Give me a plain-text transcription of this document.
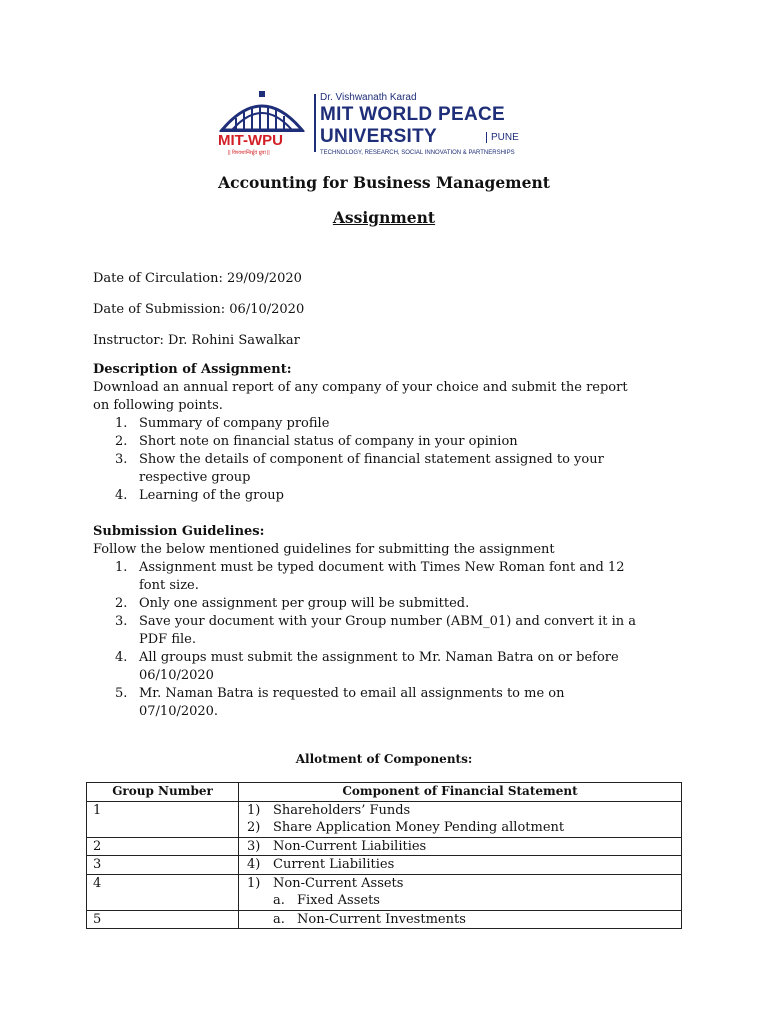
MIT-WPU
|| विश्वशान्तिर्ध्रुवं ध्रुवा ||
Dr. Vishwanath Karad
MIT WORLD PEACE
UNIVERSITY	PUNE
TECHNOLOGY, RESEARCH, SOCIAL INNOVATION & PARTNERSHIPS
Accounting for Business Management
Assignment
Date of Circulation: 29/09/2020
Date of Submission: 06/10/2020
Instructor: Dr. Rohini Sawalkar
Description of Assignment:
Download an annual report of any company of your choice and submit the report
on following points.
1. Summary of company profile
2. Short note on financial status of company in your opinion
3. Show the details of component of financial statement assigned to your
respective group
4. Learning of the group
Submission Guidelines:
Follow the below mentioned guidelines for submitting the assignment
1. Assignment must be typed document with Times New Roman font and 12
font size.
2. Only one assignment per group will be submitted.
3. Save your document with your Group number (ABM_01) and convert it in a
PDF file.
4. All groups must submit the assignment to Mr. Naman Batra on or before
06/10/2020
5. Mr. Naman Batra is requested to email all assignments to me on
07/10/2020.
Allotment of Components:
Group Number	Component of Financial Statement
1	1) Shareholders’ Funds
2) Share Application Money Pending allotment

2	3) Non-Current Liabilities

3	4) Current Liabilities

4	1) Non-Current Assets
a. Fixed Assets

5	a. Non-Current Investments
